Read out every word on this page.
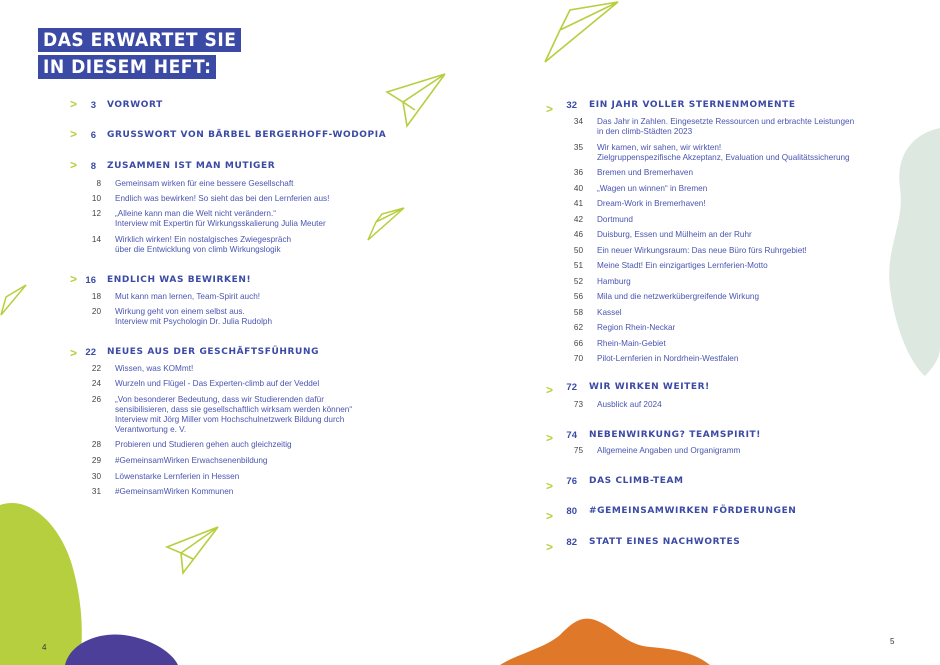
DAS ERWARTET SIE
IN DIESEM HEFT:
>	3 VORWORT
>	6 GRUSSWORT VON BÄRBEL BERGERHOFF-WODOPIA
>	8 ZUSAMMEN IST MAN MUTIGER
8 Gemeinsam wirken für eine bessere Gesellschaft
10 Endlich was bewirken! So sieht das bei den Lernferien aus!
12 „Alleine kann man die Welt nicht verändern.“
Interview mit Expertin für Wirkungsskalierung Julia Meuter
14 Wirklich wirken! Ein nostalgisches Zwiegespräch
über die Entwicklung von climb Wirkungslogik
> 16 ENDLICH WAS BEWIRKEN!
18 Mut kann man lernen, Team-Spirit auch!
20 Wirkung geht von einem selbst aus.
Interview mit Psychologin Dr. Julia Rudolph
> 22 NEUES AUS DER GESCHÄFTSFÜHRUNG
22 Wissen, was KOMmt!
24 Wurzeln und Flügel - Das Experten-climb auf der Veddel
26 „Von besonderer Bedeutung, dass wir Studierenden dafür
sensibilisieren, dass sie gesellschaftlich wirksam werden können“
Interview mit Jörg Miller vom Hochschulnetzwerk Bildung durch
Verantwortung e. V.
28 Probieren und Studieren gehen auch gleichzeitig
29 #GemeinsamWirken Erwachsenenbildung
30 Löwenstarke Lernferien in Hessen
31 #GemeinsamWirken Kommunen
>	32 EIN JAHR VOLLER STERNENMOMENTE
34 Das Jahr in Zahlen. Eingesetzte Ressourcen und erbrachte Leistungen
in den climb-Städten 2023
35 Wir kamen, wir sahen, wir wirkten!
Zielgruppenspezifische Akzeptanz, Evaluation und Qualitätssicherung
36 Bremen und Bremerhaven
40 „Wagen un winnen“ in Bremen
41 Dream-Work in Bremerhaven!
42 Dortmund
46 Duisburg, Essen und Mülheim an der Ruhr
50 Ein neuer Wirkungsraum: Das neue Büro fürs Ruhrgebiet!
51 Meine Stadt! Ein einzigartiges Lernferien-Motto
52 Hamburg
56 Mila und die netzwerkübergreifende Wirkung
58 Kassel
62 Region Rhein-Neckar
66 Rhein-Main-Gebiet
70 Pilot-Lernferien in Nordrhein-Westfalen
>	72 WIR WIRKEN WEITER!
73 Ausblick auf 2024
>	74 NEBENWIRKUNG? TEAMSPIRIT!
75 Allgemeine Angaben und Organigramm
>	76 DAS CLIMB-TEAM
>	80 #GEMEINSAMWIRKEN FÖRDERUNGEN
>	82 STATT EINES NACHWORTES
4
5
